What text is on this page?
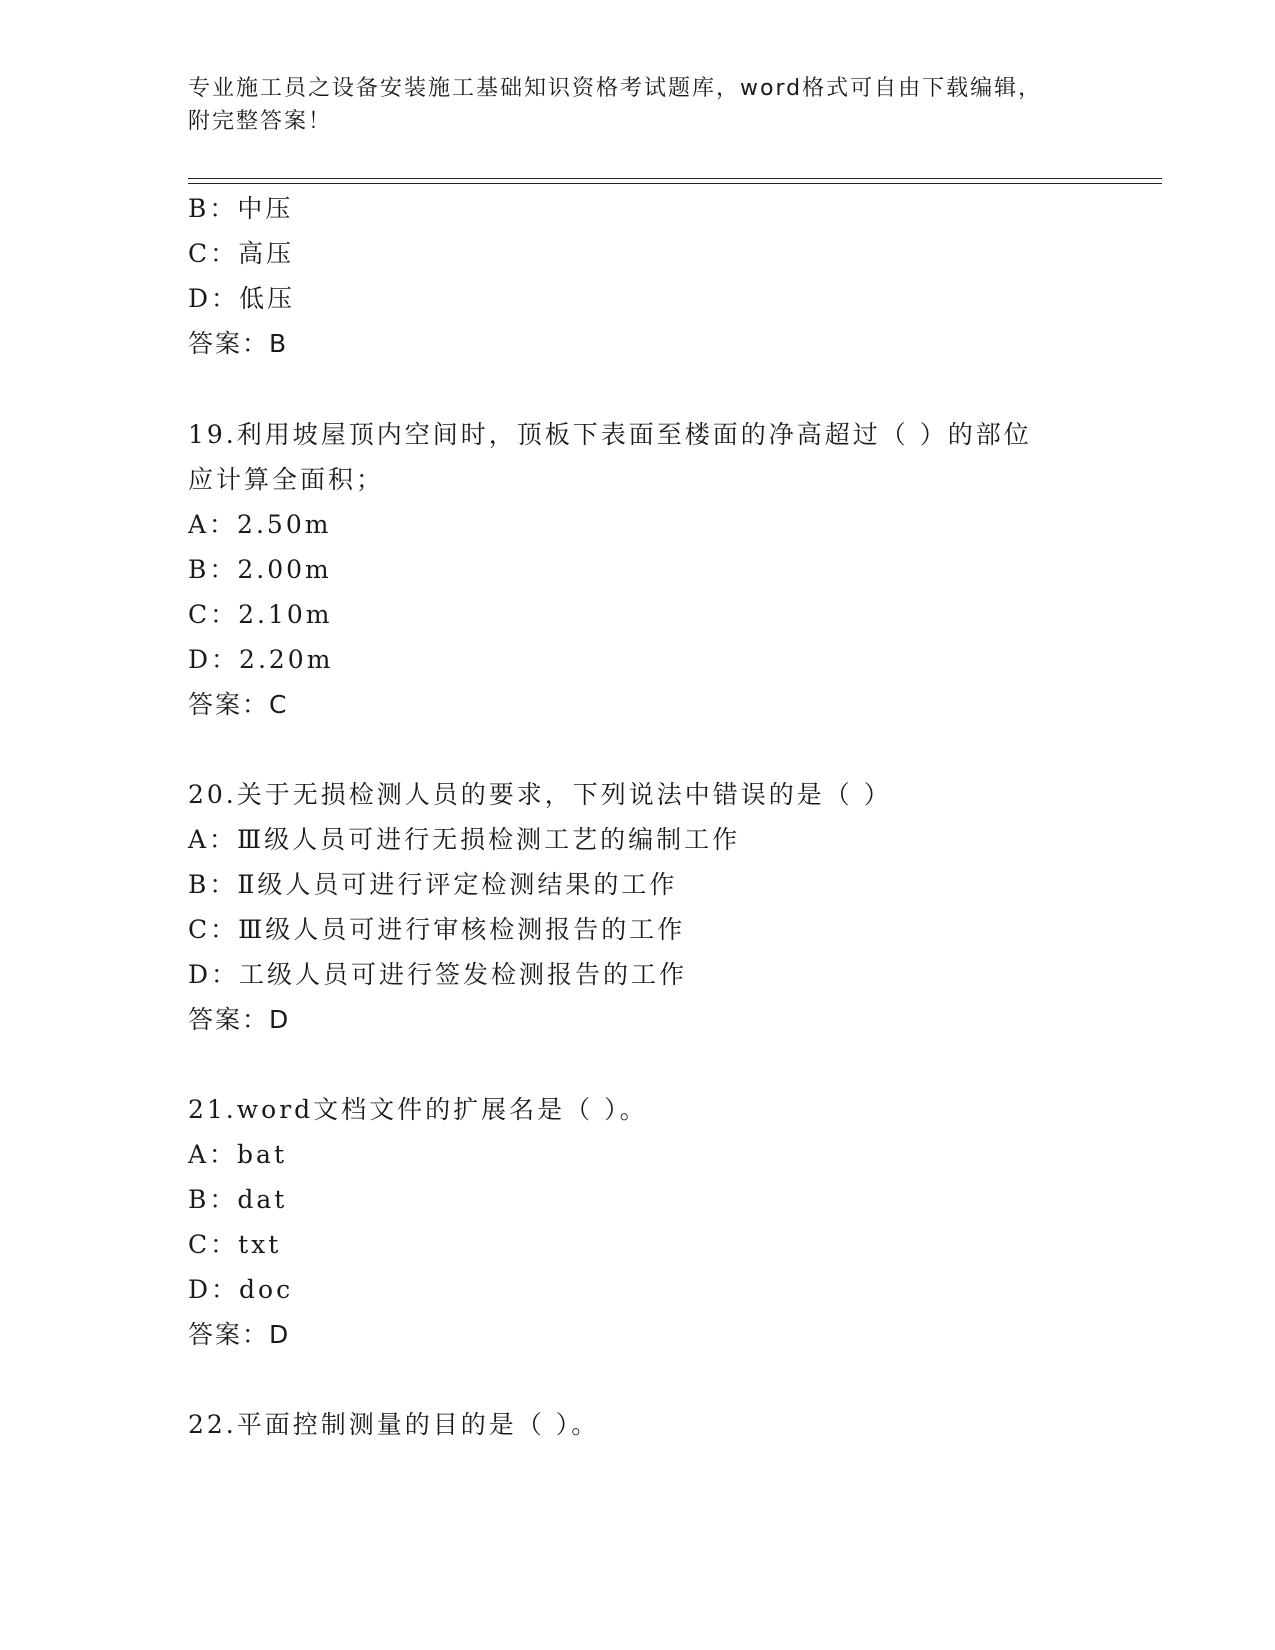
专业施工员之设备安装施工基础知识资格考试题库，word格式可自由下载编辑，
附完整答案！
B：中压
C：高压
D：低压
答案：B
19.利用坡屋顶内空间时，顶板下表面至楼面的净高超过（ ）的部位
应计算全面积；
A：2.50m
B：2.00m
C：2.10m
D：2.20m
答案：C
20.关于无损检测人员的要求，下列说法中错误的是（ ）
A：Ⅲ级人员可进行无损检测工艺的编制工作
B：Ⅱ级人员可进行评定检测结果的工作
C：Ⅲ级人员可进行审核检测报告的工作
D：工级人员可进行签发检测报告的工作
答案：D
21.word文档文件的扩展名是（ ）。
A：bat
B：dat
C：txt
D：doc
答案：D
22.平面控制测量的目的是（ ）。
